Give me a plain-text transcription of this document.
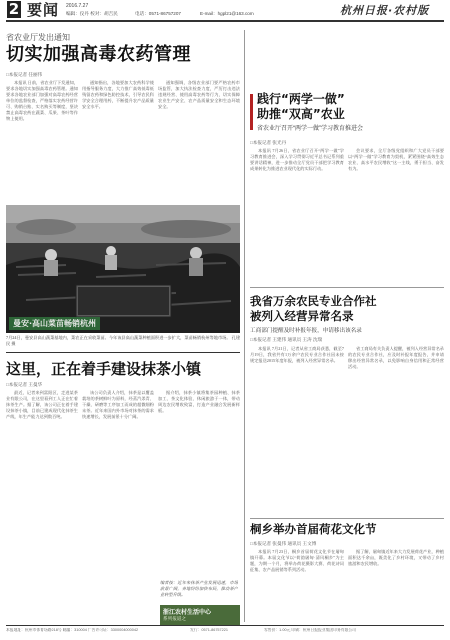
2 要闻 2016.7.27
编辑：仪丹 校对：胡吉民	电话：0571-86757207	E-mail：hgpl21@163.com	杭州日报·农村版
省农业厅发出通知
切实加强高毒农药管理
□本报记者 任丽伟

本报讯 日前，省农业厅下发通知，要求各地切实加强高毒农药管理。通知要求各地农业部门加强对高毒农药经营单位的监督检查，严格落实农药经营许可、购销台账、实名购买等制度，坚决禁止高毒农药在蔬菜、瓜果、茶叶等作物上使用。

通知指出，各地要加大农药科学使用指导服务力度，大力推广高效低毒低残留农药和绿色防控技术，引导农民科学安全合理用药，不断提升农产品质量安全水平。

通知强调，各级农业部门要严格农药市场监管，加大执法检查力度，严厉打击违法违规经营、使用高毒农药等行为，切实保障农业生产安全、农产品质量安全和生态环境安全。

曼安·高山菜苗畅销杭州
7月24日，曼安县高山蔬菜基地内，菜农正在采收菜苗。今年该县高山蔬菜种植面积进一步扩大，菜苗畅销杭州等地市场。 孔建民 摄
这里，正在着手建设抹茶小镇
□本报记者 王曼华

最近，记者来到富阳区，走进某茶业有限公司，在这里看到工人正在忙着抹茶生产。据了解，该公司正在着手建设抹茶小镇，目前已建成现代化抹茶生产线，年生产能力达到数百吨。

该公司负责人介绍，抹茶是以覆盖栽培的茶树鲜叶为原料，经蒸汽杀青、干燥、研磨等工序加工而成的超微细粉末茶。近年来国内外市场对抹茶的需求快速增长，发展前景十分广阔。

据介绍，抹茶小镇将集茶园种植、抹茶加工、茶文化体验、休闲旅游于一体，带动周边农民增收致富，打造产业融合发展新样板。

编者按：近年来抹茶产业发展迅速，市场前景广阔，各地纷纷加快布局，推动茶产业转型升级。
浙江农村生活中心
系列报道之
践行“两学一做”
助推“双高”农业
省农业厅召开“两学一做”学习教育推进会
□本报记者 张光丹

本报讯 7月26日，省农业厅召开“两学一做”学习教育推进会，深入学习贯彻习近平总书记系列重要讲话精神，进一步推动全厅党员干部把学习教育成果转化为推进农业现代化的实际行动。

会议要求，全厅各级党组织和广大党员干部要以“两学一做”学习教育为契机，紧紧围绕“高效生态农业、高水平农民增收”这一主线，勇于担当、奋发有为。

我省万余农民专业合作社
被列入经营异常名录
工商部门提醒及时补报年报，申请移出该名录
□本报记者 王建伟 通讯员 王涛 沈瑞

本报讯 7月21日，记者从省工商局获悉，截至7月19日，我省共有1万余户农民专业合作社因未按规定报送2015年度年报，被列入经营异常名录。

省工商局有关负责人提醒，被列入经营异常名录的农民专业合作社，应及时补报年度报告，并申请移出经营异常名录，以免影响自身信用和正常经营活动。

桐乡举办首届荷花文化节
□本报记者 张曼伟 通讯员 王文博

本报讯 7月23日，桐乡首届荷花文化节在屠甸镇开幕。本届文化节以“荷韵屠甸·清风桐乡”为主题，为期一个月，将举办荷花摄影大赛、荷花诗词征集、农产品展销等系列活动。

据了解，屠甸镇近年来大力发展荷花产业，种植面积达千余亩，既美化了乡村环境，又带动了乡村旅游和农民增收。

本报地址：杭州市体育场路218号 邮编：310004 广告许可证：3300004000042	发行：0571-86757221	零售价：1.00元 印刷：杭州日报报业集团印务有限公司
